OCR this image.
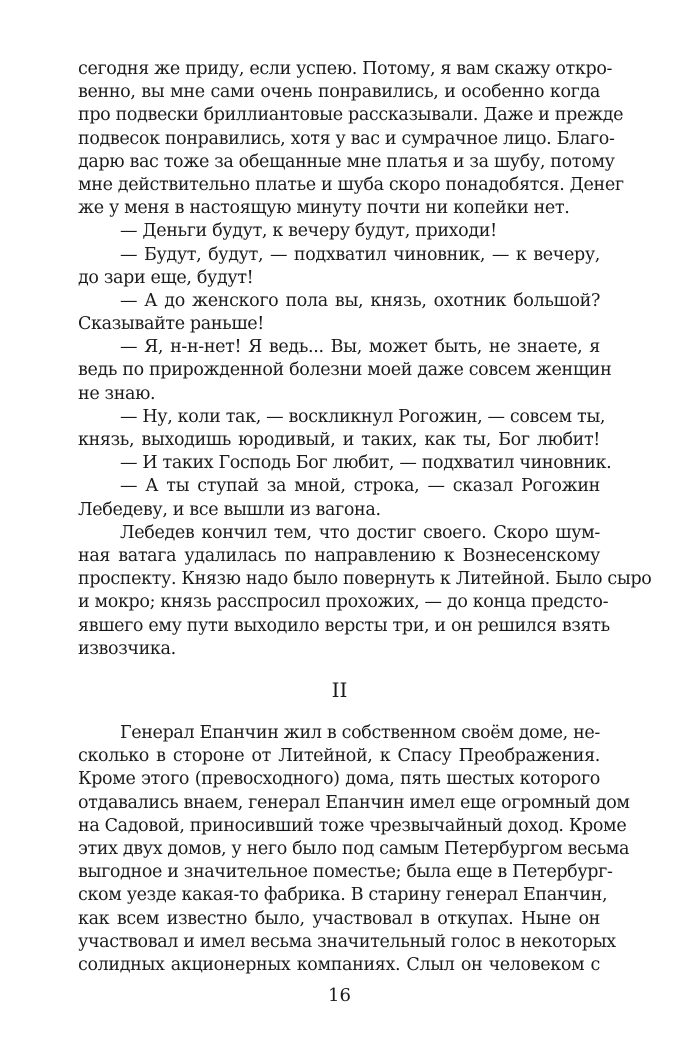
сегодня же приду, если успею. Потому, я вам скажу откро-
венно, вы мне сами очень понравились, и особенно когда
про подвески бриллиантовые рассказывали. Даже и прежде
подвесок понравились, хотя у вас и сумрачное лицо. Благо-
дарю вас тоже за обещанные мне платья и за шубу, потому
мне действительно платье и шуба скоро понадобятся. Денег
же у меня в настоящую минуту почти ни копейки нет.
— Деньги будут, к вечеру будут, приходи!
— Будут, будут, — подхватил чиновник, — к вечеру,
до зари еще, будут!
— А до женского пола вы, князь, охотник большой?
Сказывайте раньше!
— Я, н-н-нет! Я ведь... Вы, может быть, не знаете, я
ведь по прирожденной болезни моей даже совсем женщин
не знаю.
— Ну, коли так, — воскликнул Рогожин, — совсем ты,
князь, выходишь юродивый, и таких, как ты, Бог любит!
— И таких Господь Бог любит, — подхватил чиновник.
— А ты ступай за мной, строка, — сказал Рогожин
Лебедеву, и все вышли из вагона.
Лебедев кончил тем, что достиг своего. Скоро шум-
ная ватага удалилась по направлению к Вознесенскому
проспекту. Князю надо было повернуть к Литейной. Было сыро
и мокро; князь расспросил прохожих, — до конца предсто-
явшего ему пути выходило версты три, и он решился взять
извозчика.
II
Генерал Епанчин жил в собственном своём доме, не-
сколько в стороне от Литейной, к Спасу Преображения.
Кроме этого (превосходного) дома, пять шестых которого
отдавались внаем, генерал Епанчин имел еще огромный дом
на Садовой, приносивший тоже чрезвычайный доход. Кроме
этих двух домов, у него было под самым Петербургом весьма
выгодное и значительное поместье; была еще в Петербург-
ском уезде какая-то фабрика. В старину генерал Епанчин,
как всем известно было, участвовал в откупах. Ныне он
участвовал и имел весьма значительный голос в некоторых
солидных акционерных компаниях. Слыл он человеком с
16
